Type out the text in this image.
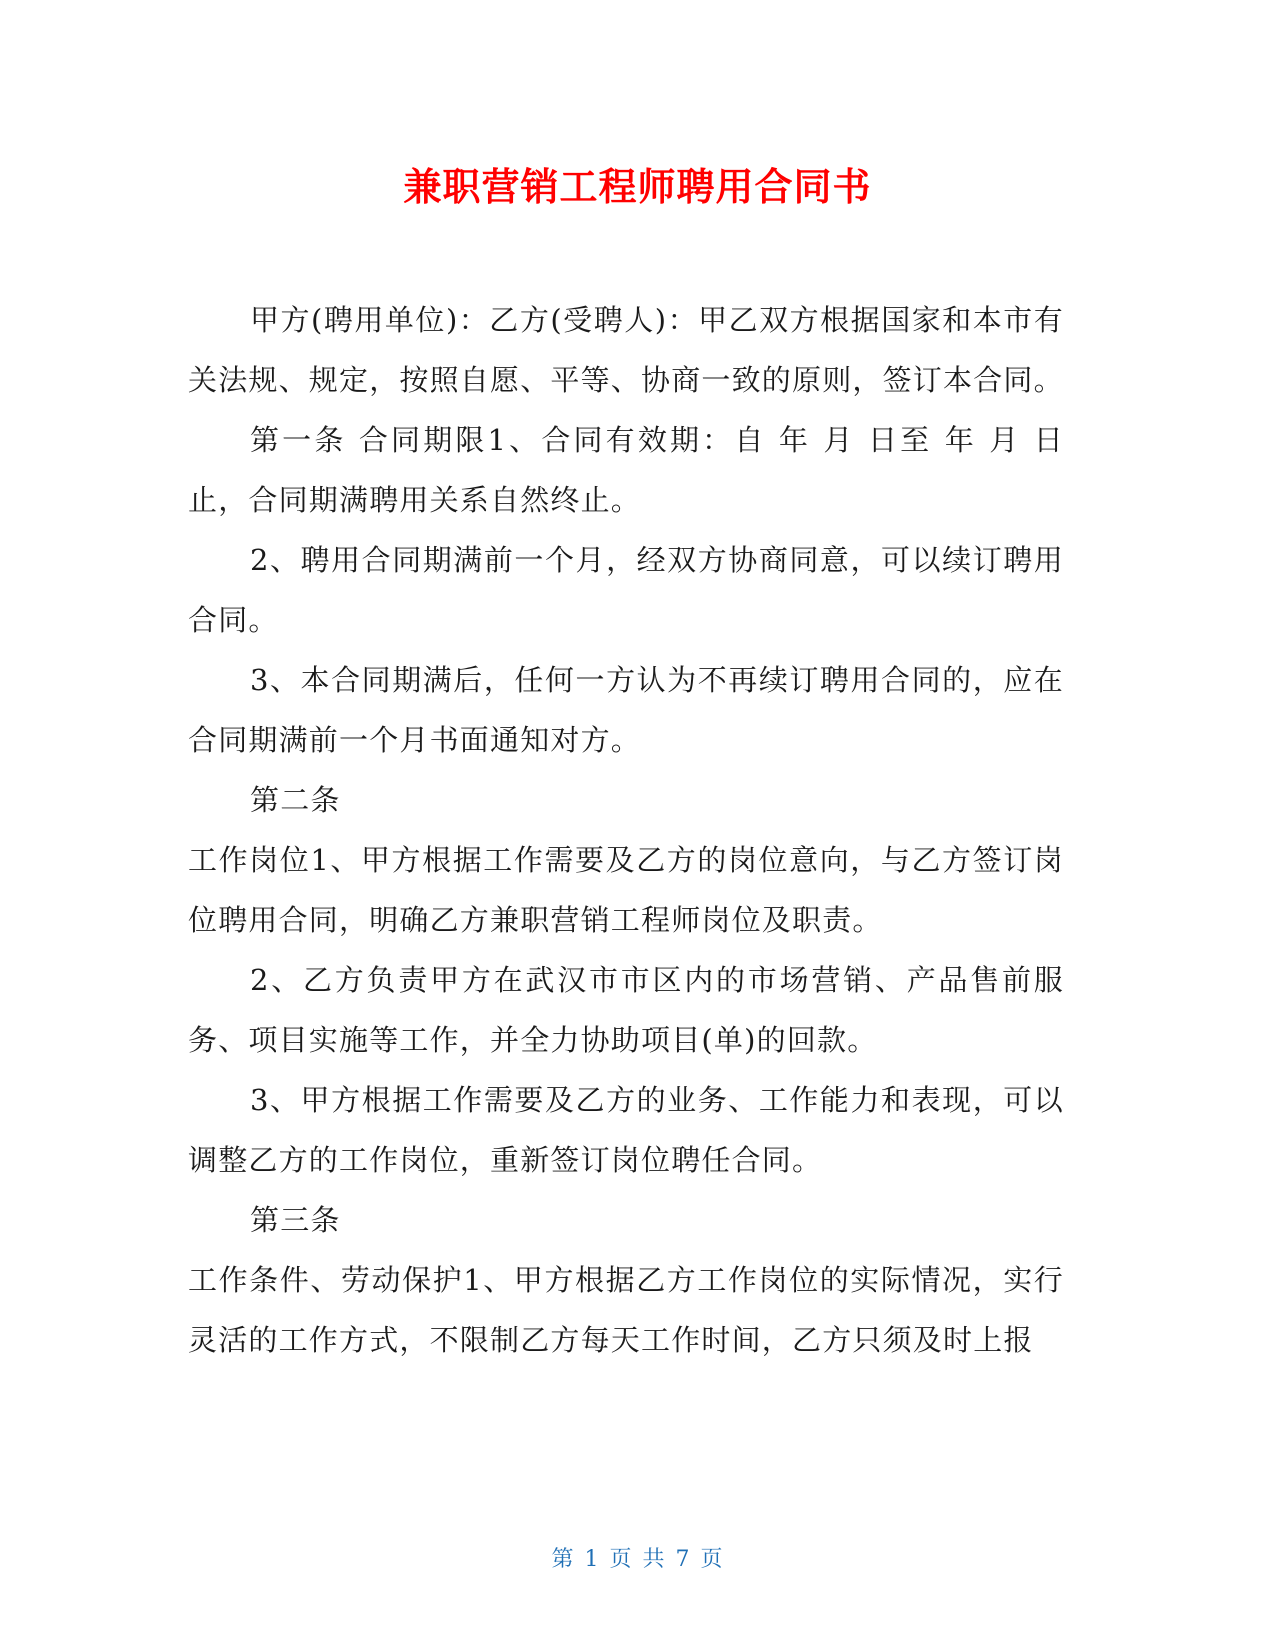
兼职营销工程师聘用合同书

甲方(聘用单位)：乙方(受聘人)：甲乙双方根据国家和本市有关法规、规定，按照自愿、平等、协商一致的原则，签订本合同。

第一条 合同期限1、合同有效期：自 年 月 日至 年 月 日止，合同期满聘用关系自然终止。

2、聘用合同期满前一个月，经双方协商同意，可以续订聘用合同。

3、本合同期满后，任何一方认为不再续订聘用合同的，应在合同期满前一个月书面通知对方。

第二条

工作岗位1、甲方根据工作需要及乙方的岗位意向，与乙方签订岗位聘用合同，明确乙方兼职营销工程师岗位及职责。

2、乙方负责甲方在武汉市市区内的市场营销、产品售前服务、项目实施等工作，并全力协助项目(单)的回款。

3、甲方根据工作需要及乙方的业务、工作能力和表现，可以调整乙方的工作岗位，重新签订岗位聘任合同。

第三条

工作条件、劳动保护1、甲方根据乙方工作岗位的实际情况，实行灵活的工作方式，不限制乙方每天工作时间，乙方只须及时上报

第 1 页 共 7 页
